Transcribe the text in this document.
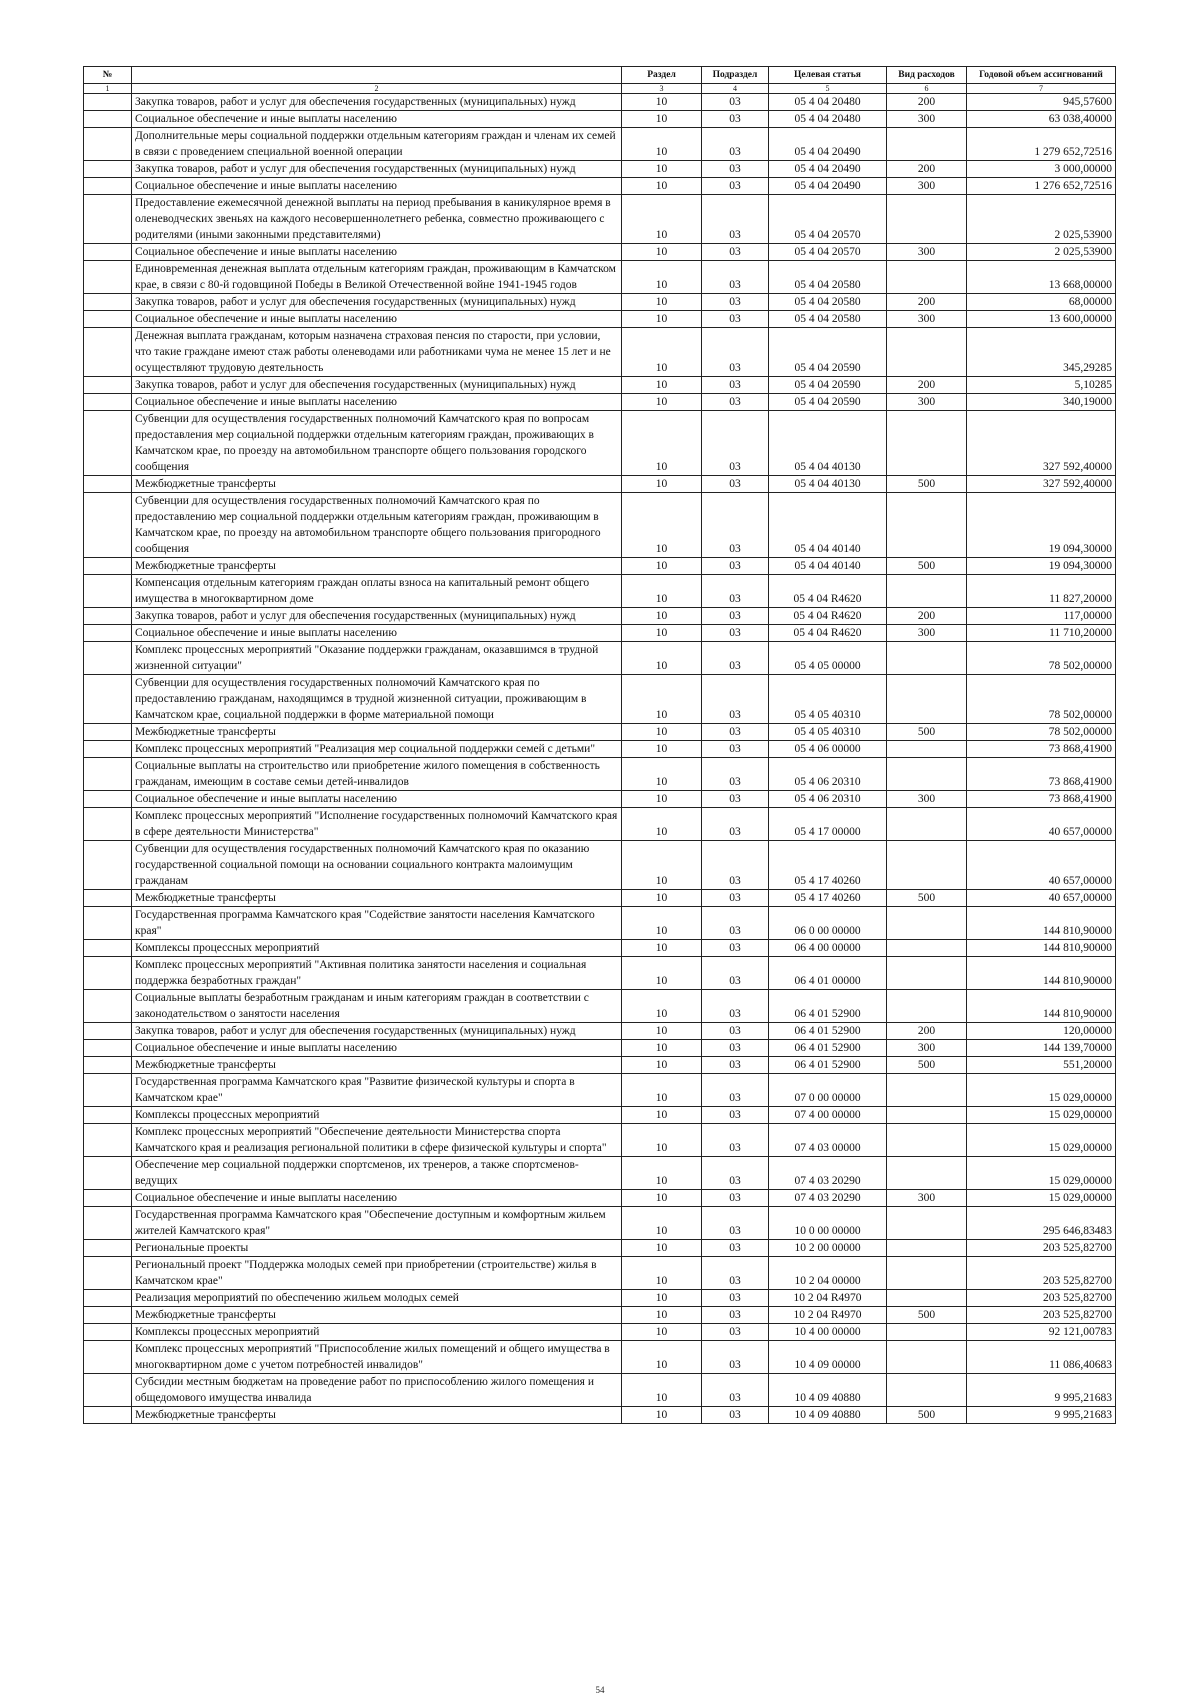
№		Раздел	Подраздел	Целевая статья	Вид расходов	Годовой объем ассигнований
1	2	3	4	5	6	7
	Закупка товаров, работ и услуг для обеспечения государственных (муниципальных) нужд	10	03	05 4 04 20480	200	945,57600
	Социальное обеспечение и иные выплаты населению	10	03	05 4 04 20480	300	63 038,40000
	Дополнительные меры социальной поддержки отдельным категориям граждан и членам их семей в связи с проведением специальной военной операции	10	03	05 4 04 20490		1 279 652,72516
	Закупка товаров, работ и услуг для обеспечения государственных (муниципальных) нужд	10	03	05 4 04 20490	200	3 000,00000
	Социальное обеспечение и иные выплаты населению	10	03	05 4 04 20490	300	1 276 652,72516
	Предоставление ежемесячной денежной выплаты на период пребывания в каникулярное время в оленеводческих звеньях на каждого несовершеннолетнего ребенка, совместно проживающего с родителями (иными законными представителями)	10	03	05 4 04 20570		2 025,53900
	Социальное обеспечение и иные выплаты населению	10	03	05 4 04 20570	300	2 025,53900
	Единовременная денежная выплата отдельным категориям граждан, проживающим в Камчатском крае, в связи с 80-й годовщиной Победы в Великой Отечественной войне 1941-1945 годов	10	03	05 4 04 20580		13 668,00000
	Закупка товаров, работ и услуг для обеспечения государственных (муниципальных) нужд	10	03	05 4 04 20580	200	68,00000
	Социальное обеспечение и иные выплаты населению	10	03	05 4 04 20580	300	13 600,00000
	Денежная выплата гражданам, которым назначена страховая пенсия по старости, при условии, что такие граждане имеют стаж работы оленеводами или работниками чума не менее 15 лет и не осуществляют трудовую деятельность	10	03	05 4 04 20590		345,29285
	Закупка товаров, работ и услуг для обеспечения государственных (муниципальных) нужд	10	03	05 4 04 20590	200	5,10285
	Социальное обеспечение и иные выплаты населению	10	03	05 4 04 20590	300	340,19000
	Субвенции для осуществления государственных полномочий Камчатского края по вопросам предоставления мер социальной поддержки отдельным категориям граждан, проживающих в Камчатском крае, по проезду на автомобильном транспорте общего пользования городского сообщения	10	03	05 4 04 40130		327 592,40000
	Межбюджетные трансферты	10	03	05 4 04 40130	500	327 592,40000
	Субвенции для осуществления государственных полномочий Камчатского края по предоставлению мер социальной поддержки отдельным категориям граждан, проживающим в Камчатском крае, по проезду на автомобильном транспорте общего пользования пригородного сообщения	10	03	05 4 04 40140		19 094,30000
	Межбюджетные трансферты	10	03	05 4 04 40140	500	19 094,30000
	Компенсация отдельным категориям граждан оплаты взноса на капитальный ремонт общего имущества в многоквартирном доме	10	03	05 4 04 R4620		11 827,20000
	Закупка товаров, работ и услуг для обеспечения государственных (муниципальных) нужд	10	03	05 4 04 R4620	200	117,00000
	Социальное обеспечение и иные выплаты населению	10	03	05 4 04 R4620	300	11 710,20000
	Комплекс процессных мероприятий "Оказание поддержки гражданам, оказавшимся в трудной жизненной ситуации"	10	03	05 4 05 00000		78 502,00000
	Субвенции для осуществления государственных полномочий Камчатского края по предоставлению гражданам, находящимся в трудной жизненной ситуации, проживающим в Камчатском крае, социальной поддержки в форме материальной помощи	10	03	05 4 05 40310		78 502,00000
	Межбюджетные трансферты	10	03	05 4 05 40310	500	78 502,00000
	Комплекс процессных мероприятий "Реализация мер социальной поддержки семей с детьми"	10	03	05 4 06 00000		73 868,41900
	Социальные выплаты на строительство или приобретение жилого помещения в собственность гражданам, имеющим в составе семьи детей-инвалидов	10	03	05 4 06 20310		73 868,41900
	Социальное обеспечение и иные выплаты населению	10	03	05 4 06 20310	300	73 868,41900
	Комплекс процессных мероприятий "Исполнение государственных полномочий Камчатского края в сфере деятельности Министерства"	10	03	05 4 17 00000		40 657,00000
	Субвенции для осуществления государственных полномочий Камчатского края по оказанию государственной социальной помощи на основании социального контракта малоимущим гражданам	10	03	05 4 17 40260		40 657,00000
	Межбюджетные трансферты	10	03	05 4 17 40260	500	40 657,00000
	Государственная программа Камчатского края "Содействие занятости населения Камчатского края"	10	03	06 0 00 00000		144 810,90000
	Комплексы процессных мероприятий	10	03	06 4 00 00000		144 810,90000
	Комплекс процессных мероприятий "Активная политика занятости населения и социальная поддержка безработных граждан"	10	03	06 4 01 00000		144 810,90000
	Социальные выплаты безработным гражданам и иным категориям граждан в соответствии с законодательством о занятости населения	10	03	06 4 01 52900		144 810,90000
	Закупка товаров, работ и услуг для обеспечения государственных (муниципальных) нужд	10	03	06 4 01 52900	200	120,00000
	Социальное обеспечение и иные выплаты населению	10	03	06 4 01 52900	300	144 139,70000
	Межбюджетные трансферты	10	03	06 4 01 52900	500	551,20000
	Государственная программа Камчатского края "Развитие физической культуры и спорта в Камчатском крае"	10	03	07 0 00 00000		15 029,00000
	Комплексы процессных мероприятий	10	03	07 4 00 00000		15 029,00000
	Комплекс процессных мероприятий "Обеспечение деятельности Министерства спорта Камчатского края и реализация региональной политики в сфере физической культуры и спорта"	10	03	07 4 03 00000		15 029,00000
	Обеспечение мер социальной поддержки спортсменов, их тренеров, а также спортсменов-ведущих	10	03	07 4 03 20290		15 029,00000
	Социальное обеспечение и иные выплаты населению	10	03	07 4 03 20290	300	15 029,00000
	Государственная программа Камчатского края "Обеспечение доступным и комфортным жильем жителей Камчатского края"	10	03	10 0 00 00000		295 646,83483
	Региональные проекты	10	03	10 2 00 00000		203 525,82700
	Региональный проект "Поддержка молодых семей при приобретении (строительстве) жилья в Камчатском крае"	10	03	10 2 04 00000		203 525,82700
	Реализация мероприятий по обеспечению жильем молодых семей	10	03	10 2 04 R4970		203 525,82700
	Межбюджетные трансферты	10	03	10 2 04 R4970	500	203 525,82700
	Комплексы процессных мероприятий	10	03	10 4 00 00000		92 121,00783
	Комплекс процессных мероприятий "Приспособление жилых помещений и общего имущества в многоквартирном доме с учетом потребностей инвалидов"	10	03	10 4 09 00000		11 086,40683
	Субсидии местным бюджетам на проведение работ по приспособлению жилого помещения и общедомового имущества инвалида	10	03	10 4 09 40880		9 995,21683
	Межбюджетные трансферты	10	03	10 4 09 40880	500	9 995,21683
54
